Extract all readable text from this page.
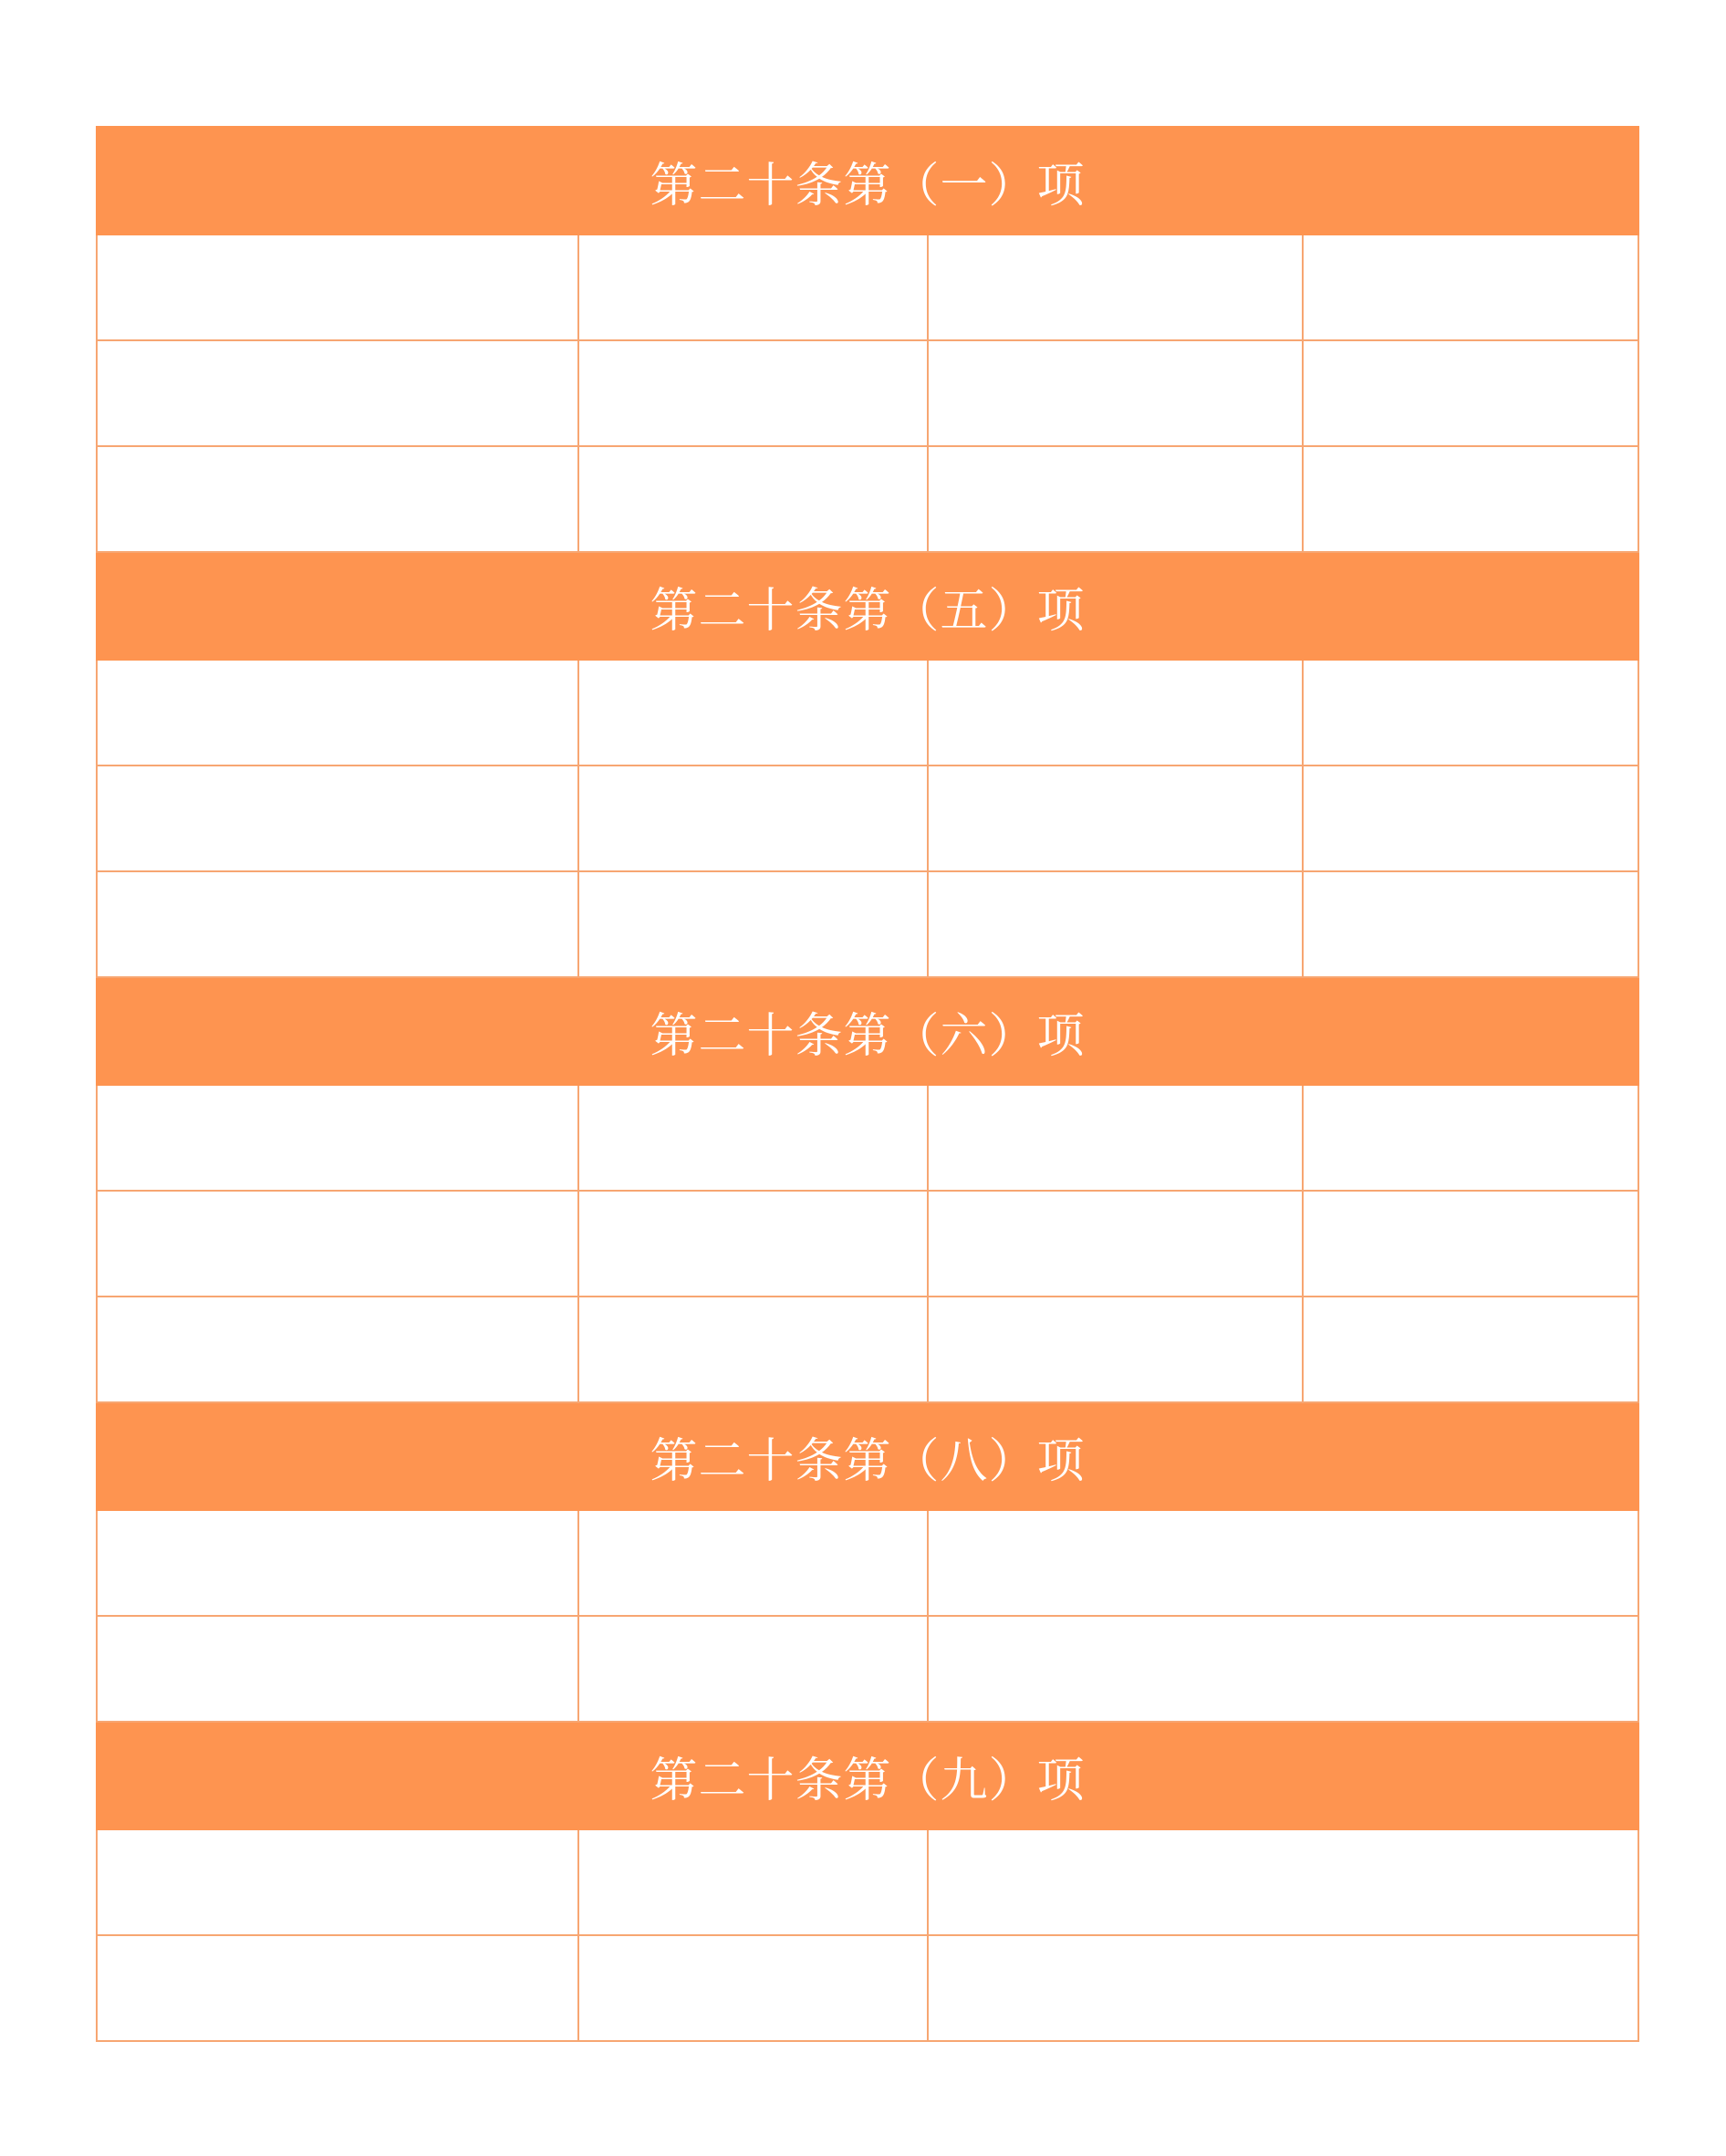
第二十条第（一）项			

第二十条第（五）项			

第二十条第（六）项			

第二十条第（八）项			

第二十条第（九）项			
